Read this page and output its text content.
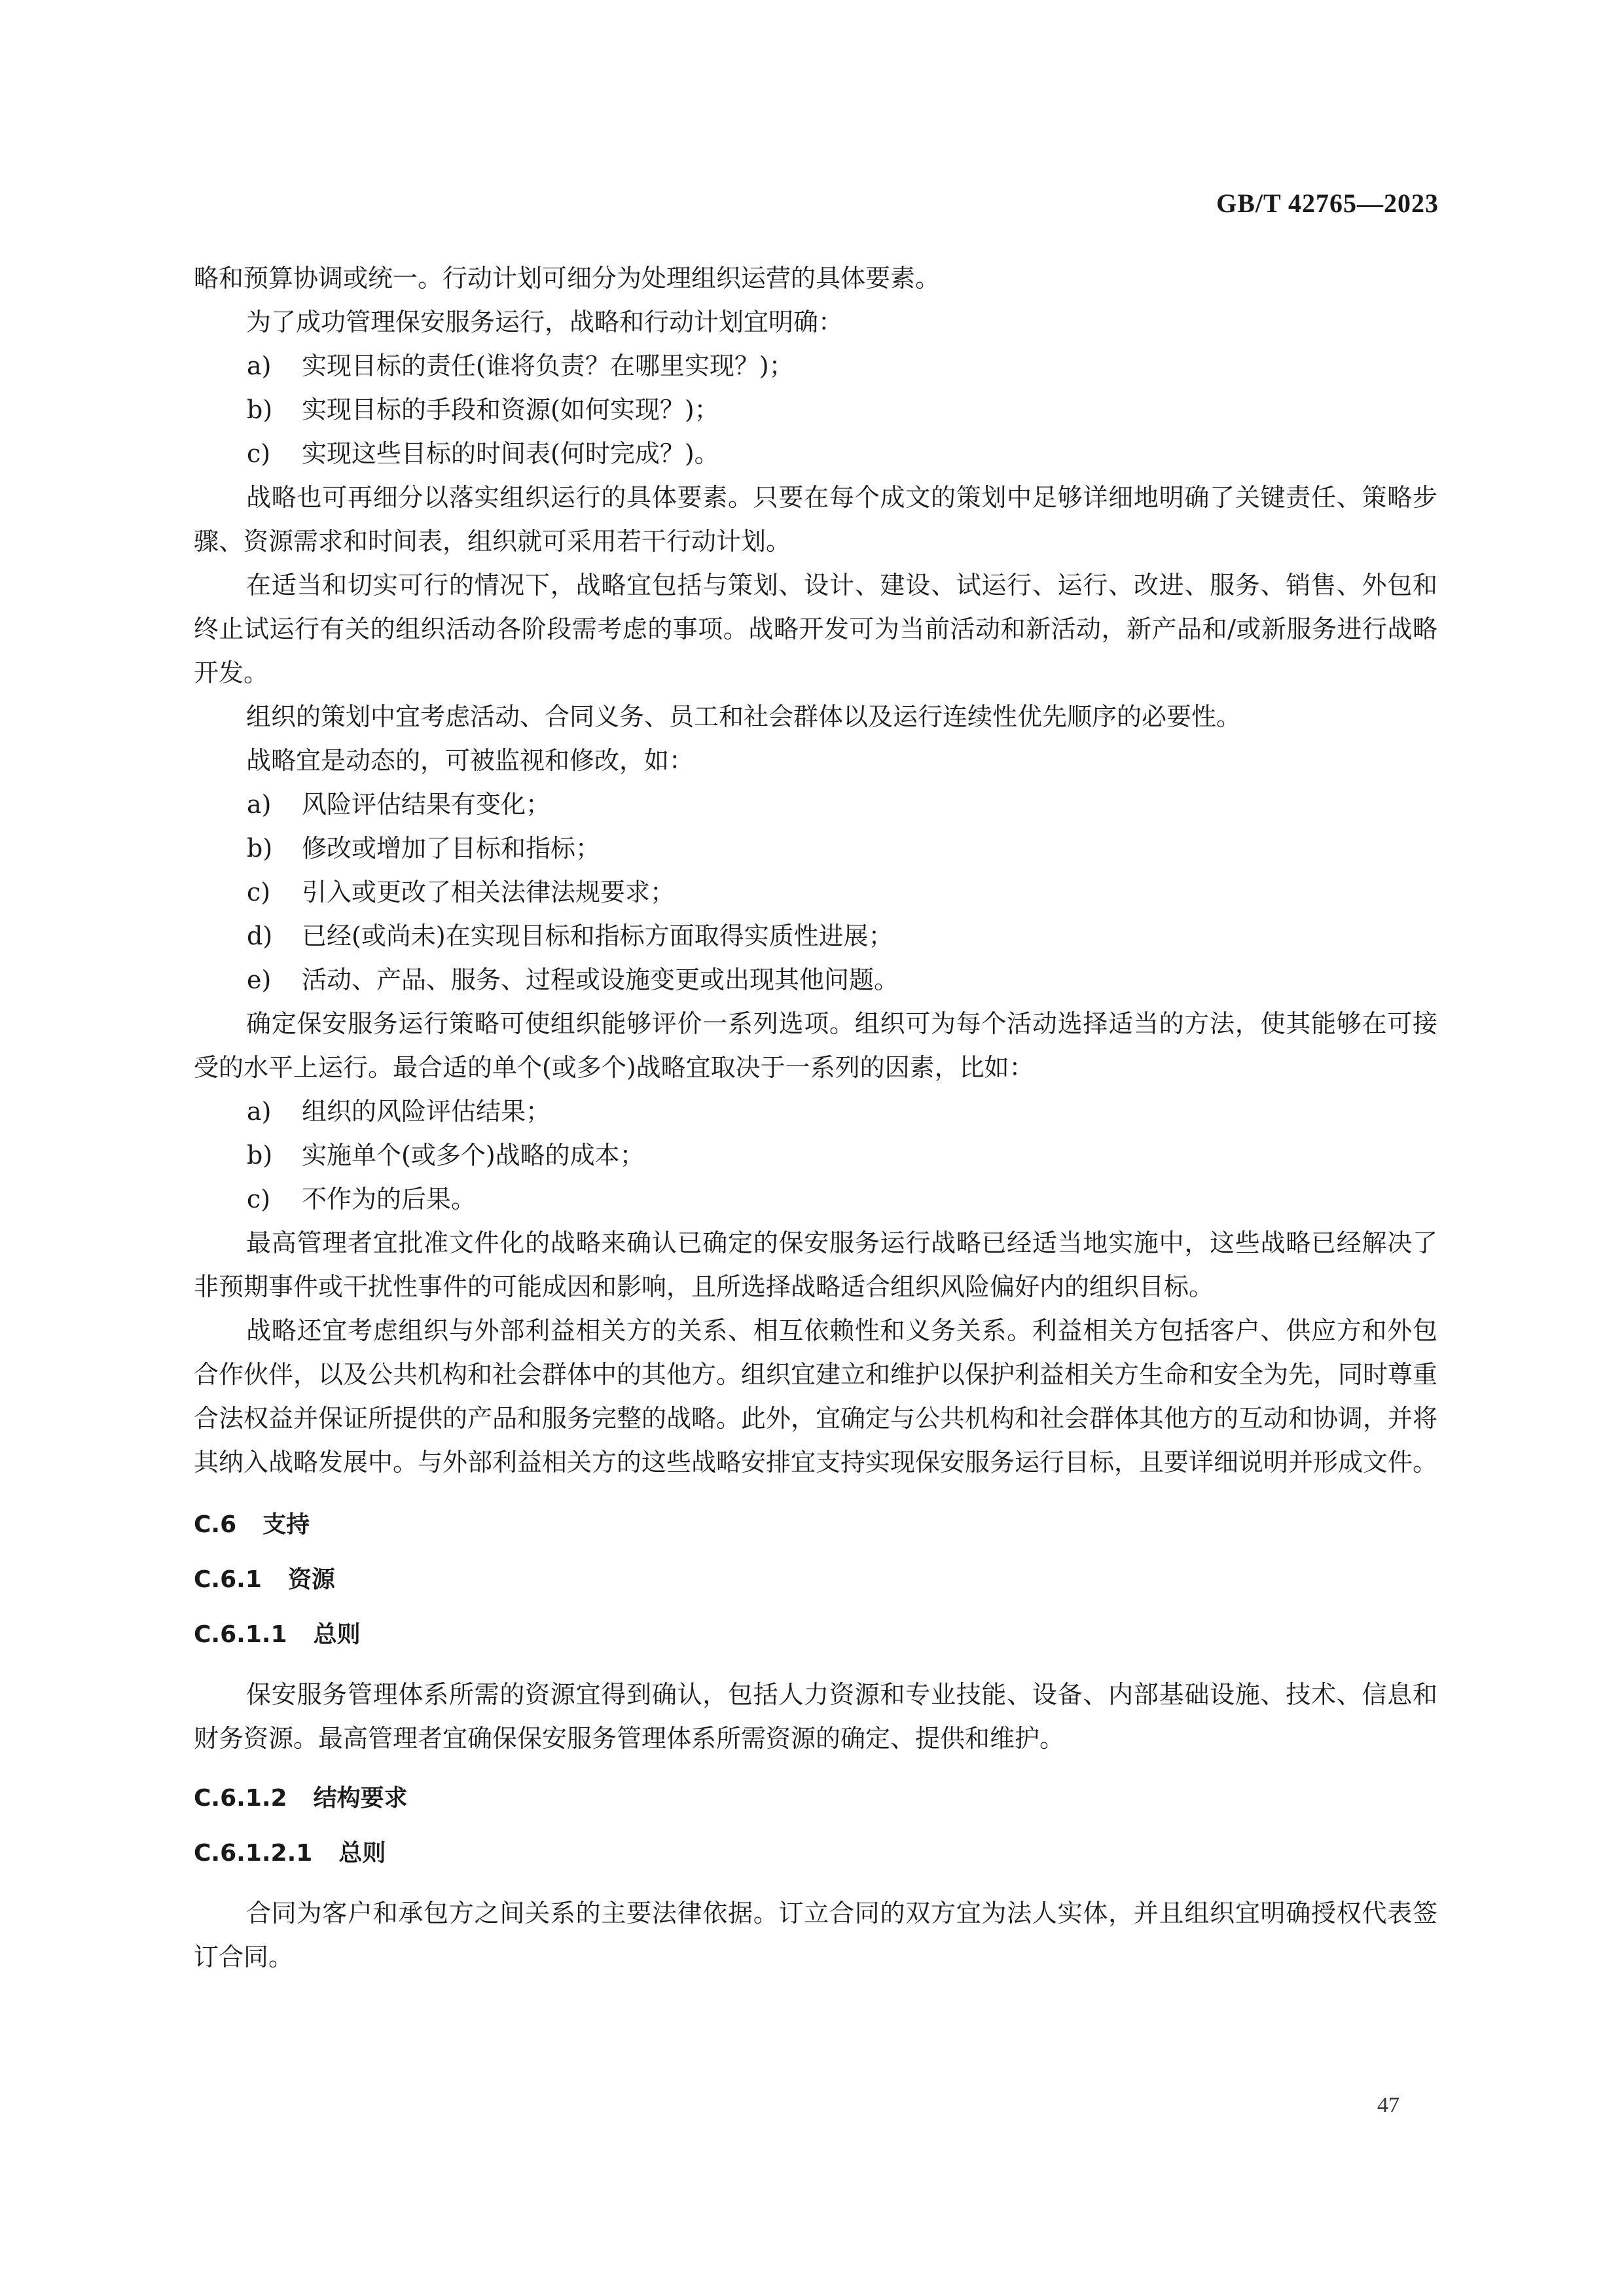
GB/T 42765—2023

略和预算协调或统一。行动计划可细分为处理组织运营的具体要素。

为了成功管理保安服务运行，战略和行动计划宜明确：

a)	实现目标的责任(谁将负责？在哪里实现？)；
b)	实现目标的手段和资源(如何实现？)；
c)	实现这些目标的时间表(何时完成？)。

战略也可再细分以落实组织运行的具体要素。只要在每个成文的策划中足够详细地明确了关键责任、策略步骤、资源需求和时间表，组织就可采用若干行动计划。

在适当和切实可行的情况下，战略宜包括与策划、设计、建设、试运行、运行、改进、服务、销售、外包和终止试运行有关的组织活动各阶段需考虑的事项。战略开发可为当前活动和新活动，新产品和/或新服务进行战略开发。

组织的策划中宜考虑活动、合同义务、员工和社会群体以及运行连续性优先顺序的必要性。

战略宜是动态的，可被监视和修改，如：

a)	风险评估结果有变化；
b)	修改或增加了目标和指标；
c)	引入或更改了相关法律法规要求；
d)	已经(或尚未)在实现目标和指标方面取得实质性进展；
e)	活动、产品、服务、过程或设施变更或出现其他问题。

确定保安服务运行策略可使组织能够评价一系列选项。组织可为每个活动选择适当的方法，使其能够在可接受的水平上运行。最合适的单个(或多个)战略宜取决于一系列的因素，比如：

a)	组织的风险评估结果；
b)	实施单个(或多个)战略的成本；
c)	不作为的后果。

最高管理者宜批准文件化的战略来确认已确定的保安服务运行战略已经适当地实施中，这些战略已经解决了非预期事件或干扰性事件的可能成因和影响，且所选择战略适合组织风险偏好内的组织目标。

战略还宜考虑组织与外部利益相关方的关系、相互依赖性和义务关系。利益相关方包括客户、供应方和外包合作伙伴，以及公共机构和社会群体中的其他方。组织宜建立和维护以保护利益相关方生命和安全为先，同时尊重合法权益并保证所提供的产品和服务完整的战略。此外，宜确定与公共机构和社会群体其他方的互动和协调，并将其纳入战略发展中。与外部利益相关方的这些战略安排宜支持实现保安服务运行目标，且要详细说明并形成文件。

C.6 支持

C.6.1 资源

C.6.1.1 总则

保安服务管理体系所需的资源宜得到确认，包括人力资源和专业技能、设备、内部基础设施、技术、信息和财务资源。最高管理者宜确保保安服务管理体系所需资源的确定、提供和维护。

C.6.1.2 结构要求

C.6.1.2.1 总则

合同为客户和承包方之间关系的主要法律依据。订立合同的双方宜为法人实体，并且组织宜明确授权代表签订合同。

47
